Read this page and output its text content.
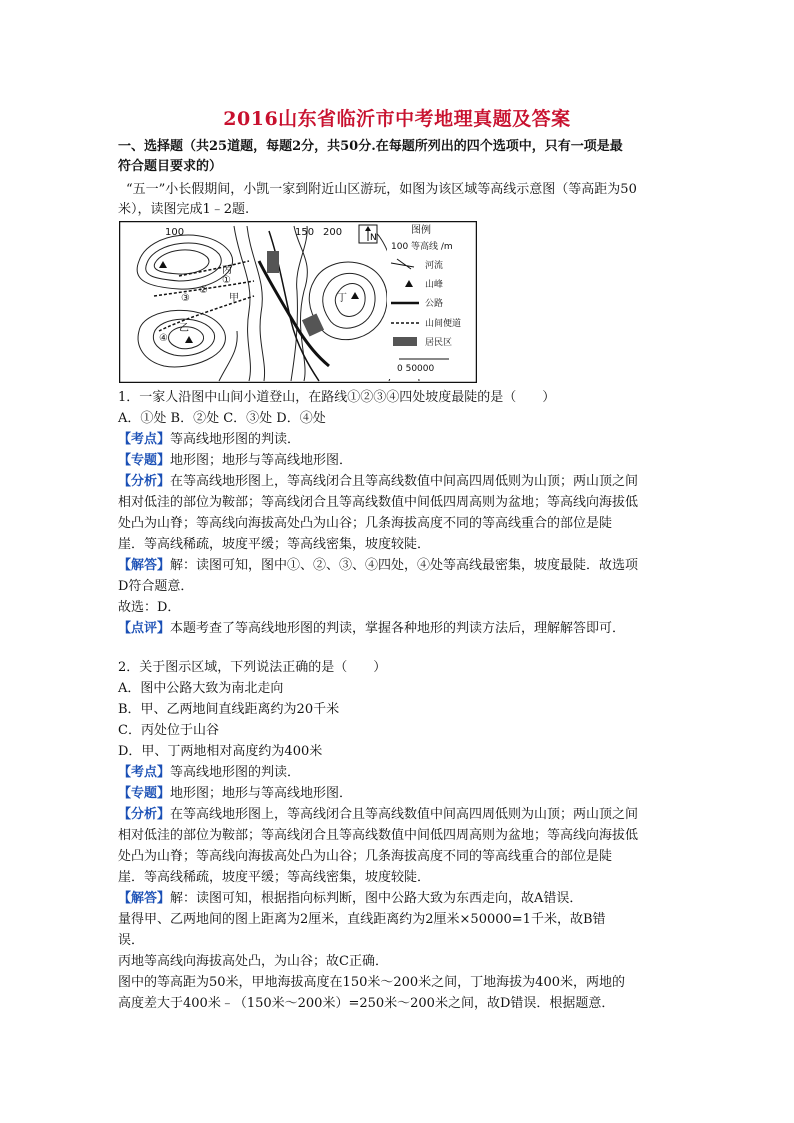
2016山东省临沂市中考地理真题及答案
一、选择题（共25道题，每题2分，共50分.在每题所列出的四个选项中，只有一项是最
符合题目要求的）
“五一”小长假期间，小凯一家到附近山区游玩，如图为该区域等高线示意图（等高距为50
米），读图完成1﹣2题.
100	150 200
甲
乙
丙
丁
①
②
③
④
N
图例
100 等高线 /m
河流
山峰
公路
山间便道
居民区
0 50000
1．一家人沿图中山间小道登山，在路线①②③④四处坡度最陡的是（　　）
A．①处 B．②处 C．③处 D．④处
【考点】等高线地形图的判读．
【专题】地形图；地形与等高线地形图．
【分析】在等高线地形图上，等高线闭合且等高线数值中间高四周低则为山顶；两山顶之间
相对低洼的部位为鞍部；等高线闭合且等高线数值中间低四周高则为盆地；等高线向海拔低
处凸为山脊；等高线向海拔高处凸为山谷；几条海拔高度不同的等高线重合的部位是陡
崖．等高线稀疏，坡度平缓；等高线密集，坡度较陡．
【解答】解：读图可知，图中①、②、③、④四处，④处等高线最密集，坡度最陡．故选项
D符合题意．
故选：D．
【点评】本题考查了等高线地形图的判读，掌握各种地形的判读方法后，理解解答即可．
2．关于图示区域，下列说法正确的是（　　）
A．图中公路大致为南北走向
B．甲、乙两地间直线距离约为20千米
C．丙处位于山谷
D．甲、丁两地相对高度约为400米
【考点】等高线地形图的判读．
【专题】地形图；地形与等高线地形图．
【分析】在等高线地形图上，等高线闭合且等高线数值中间高四周低则为山顶；两山顶之间
相对低洼的部位为鞍部；等高线闭合且等高线数值中间低四周高则为盆地；等高线向海拔低
处凸为山脊；等高线向海拔高处凸为山谷；几条海拔高度不同的等高线重合的部位是陡
崖．等高线稀疏，坡度平缓；等高线密集，坡度较陡．
【解答】解：读图可知，根据指向标判断，图中公路大致为东西走向，故A错误．
量得甲、乙两地间的图上距离为2厘米，直线距离约为2厘米×50000=1千米，故B错
误．
丙地等高线向海拔高处凸，为山谷；故C正确．
图中的等高距为50米，甲地海拔高度在150米～200米之间，丁地海拔为400米，两地的
高度差大于400米﹣（150米～200米）=250米～200米之间，故D错误．根据题意．
